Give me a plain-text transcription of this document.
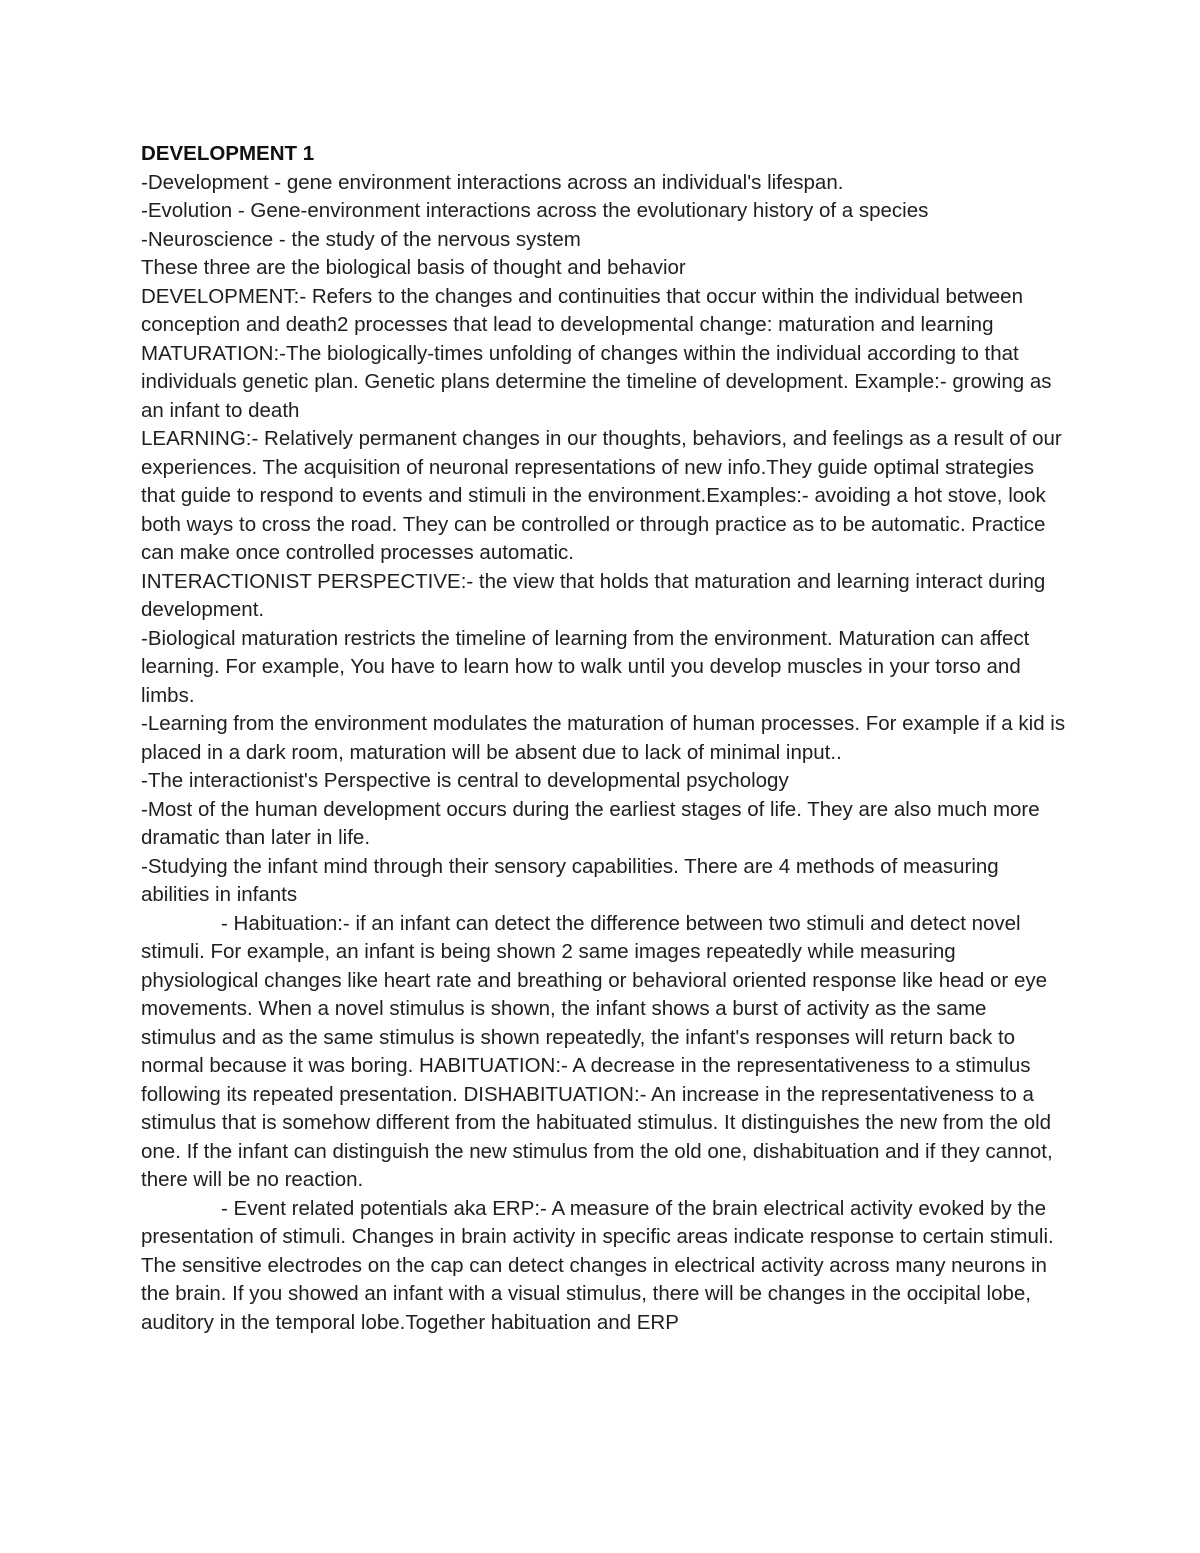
DEVELOPMENT 1

-Development - gene environment interactions across an individual's lifespan.

-Evolution - Gene-environment interactions across the evolutionary history of a species

-Neuroscience - the study of the nervous system

These three are the biological basis of thought and behavior

DEVELOPMENT:- Refers to the changes and continuities that occur within the individual between conception and death2 processes that lead to developmental change: maturation and learning

MATURATION:-The biologically-times unfolding of changes within the individual according to that individuals genetic plan. Genetic plans determine the timeline of development. Example:- growing as an infant to death

LEARNING:- Relatively permanent changes in our thoughts, behaviors, and feelings as a result of our experiences. The acquisition of neuronal representations of new info.They guide optimal strategies that guide to respond to events and stimuli in the environment.Examples:- avoiding a hot stove, look both ways to cross the road. They can be controlled or through practice as to be automatic. Practice can make once controlled processes automatic.

INTERACTIONIST PERSPECTIVE:- the view that holds that maturation and learning interact during development.

-Biological maturation restricts the timeline of learning from the environment. Maturation can affect learning. For example, You have to learn how to walk until you develop muscles in your torso and limbs.

-Learning from the environment modulates the maturation of human processes. For example if a kid is placed in a dark room, maturation will be absent due to lack of minimal input..

-The interactionist's Perspective is central to developmental psychology

-Most of the human development occurs during the earliest stages of life. They are also much more dramatic than later in life.

-Studying the infant mind through their sensory capabilities. There are 4 methods of measuring abilities in infants

- Habituation:- if an infant can detect the difference between two stimuli and detect novel stimuli. For example, an infant is being shown 2 same images repeatedly while measuring physiological changes like heart rate and breathing or behavioral oriented response like head or eye movements. When a novel stimulus is shown, the infant shows a burst of activity as the same stimulus and as the same stimulus is shown repeatedly, the infant's responses will return back to normal because it was boring. HABITUATION:- A decrease in the representativeness to a stimulus following its repeated presentation. DISHABITUATION:- An increase in the representativeness to a stimulus that is somehow different from the habituated stimulus. It distinguishes the new from the old one. If the infant can distinguish the new stimulus from the old one, dishabituation and if they cannot, there will be no reaction.

- Event related potentials aka ERP:- A measure of the brain electrical activity evoked by the presentation of stimuli. Changes in brain activity in specific areas indicate response to certain stimuli. The sensitive electrodes on the cap can detect changes in electrical activity across many neurons in the brain. If you showed an infant with a visual stimulus, there will be changes in the occipital lobe, auditory in the temporal lobe.Together habituation and ERP
